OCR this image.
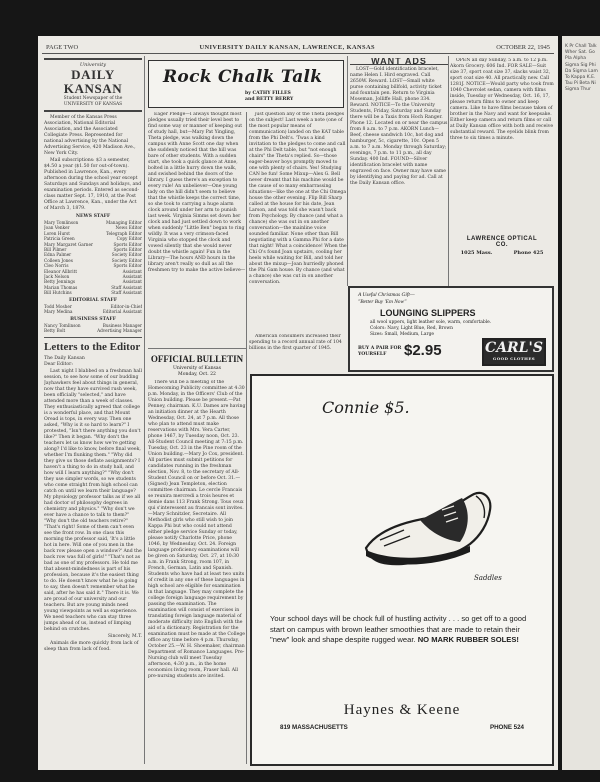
K Pr Chall Talk Wher Sat. Go Pla Alpha Sigma Sig Phi Da Sigma Lam To Kappa K.E. Tau Pi Beta Ni Sigma Thur
PAGE TWO	UNIVERSITY DAILY KANSAN, LAWRENCE, KANSAS	OCTOBER 22, 1945
University
DAILY KANSAN
Student Newspaper of the
UNIVERSITY OF KANSAS

Member of the Kansas Press Association, National Editorial Association, and the Associated Collegiate Press. Represented for national advertising by the National Advertising Service, 420 Madison Ave., New York City.

Mail subscriptions: $3 a semester, $4.50 a year ($1.50 for out-of-town). Published in Lawrence, Kan., every afternoon during the school year except Saturdays and Sundays and holidays, and examination periods. Entered as second-class matter Sept. 17, 1910, at the Post Office at Lawrence, Kan., under the Act of March 3, 1879.

NEWS STAFF
Mary Tomlinson	Managing Editor
Joan Venker	News Editor
Loren Hurst	Telegraph Editor
Patricia Green	Copy Editor
Mary Margaret Garner	Sports Editor
Bill Pilmer	Sports Editor
Edna Palmer	Society Editor
Colleen Jones	Society Editor
Cleo Norris	Sports Editor
Eleanor Allbritt	Assistant
Jack Nelson	Assistant
Betty Jennings	Assistant
Marian Thomas	Staff Assistant
Bill Hutchins	Staff Assistant
EDITORIAL STAFF
Todd Mosher	Editor-in-Chief
Mary Medina	Editorial Assistant
BUSINESS STAFF
Nancy Tomlinson	Business Manager
Betty Bolt	Advertising Manager
Letters to the Editor

The Daily Kansan
Dear Editor:

Last night I blabbed on a freshman hall session, to see how some of our budding Jayhawkers feel about things in general, now that they have survived rush week, been officially "selected," and have attended more than a week of classes. They enthusiastically agreed that college is a wonderful place, and that Mount Oread is tops, in every way. Then one asked, "Why is it so hard to learn?" I protested, "Isn't there anything you don't like?" Then it began. "Why don't the teachers let us know how we're getting along? I'd like to know, before final week, whether I'm flunking them." "Why did they give us those deflate assignments? I haven't a thing to do in study hall, and how will I learn anything?" "Why don't they use simpler words, so we students who come straight from high school can catch on until we learn their language? My physiology professor talks as if we all had doctor of philosophy degrees in chemistry and physics." "Why don't we ever have a chance to talk to them?" "Why don't the old teachers retire?" "That's right! Some of them can't even see the front row. In one class this morning the professor said, 'It's a little hot in here. Will one of you men in the back row please open a window?' And the back row was full of girls!" "That's not as bad as one of my professors. He told me that absent-mindedness is part of his profession, because it's the easiest thing to do. He doesn't know what he is going to say, then doesn't remember what he said, after he has said it." There it is. We are proud of our university and our teachers. But are young minds need young viewpoints as well as experience. We need teachers who can stay three jumps ahead of us, instead of limping behind on crutches.

Sincerely, M.T.

Animals die more quickly from lack of sleep than from lack of food.

Rock Chalk Talk
by CATHY FILLES
and BETTY BERRY

Eager Pledge—I always thought most pledges usually tried their level best to find some way or manner of keeping out of study hall, but—Mary Pat Yingling, Theta pledge, was walking down the campus with Anne Scott one day when she suddenly noticed that the hill was bare of other students. With a sudden start, she took a quick glance at Anne, bolted in a little hurry down the walk, and swished behind the doors of the library. I guess there's an exception to every rule! An unbeliever—One young lady on the hill didn't seem to believe that the whistle keeps the correct time, so she took to carrying a huge alarm clock around under her arm to punish last week. Virginia Simms set down her clock and had just settled down to work when suddenly "Little Ben" began to ring wildly. It was a very crimson-faced Virginia who stopped the clock and vowed silently that she would never doubt the whistle again! Fun in the Library—The hours AND hours in the library aren't really so dull as all the freshmen try to make the active believe—

just question any of the Theta pledges on the subject! Last week a note (one of the most popular means of communication) landed on the KAT table from the Phi Delt's. 'Twas a kind invitation to the pledges to come and call at the Phi Delt table, but "not enough chairs" the Theta's replied. So—those eager-beaver boys promptly moved to one with plenty of chairs. Yes! Studying CAN be fun! Some Mixup—Alex G. Bell never dreamt that his machine would be the cause of so many embarrassing situations—like the one at the Chi Omega house the other evening. Flip Bill Sharp called at the house for his date, Jean Larson, and was told she wasn't back from Psychology. By chance (and what a chance) she was out in on another conversation—the mainline voice sounded familiar. None other than Bill negotiating with a Gamma Phi for a date that night! What a coincidence! When the Chi O's found Joan upstairs, cooling her heels while waiting for Bill, and told her about the mixup—Joan hurriedly phoned the Phi Gam house. By chance (and what a chance) she was cut in on another conversation.

American consumers increased their spending to a record annual rate of 104 billions in the first quarter of 1945.

OFFICIAL BULLETIN
University of Kansas
Monday, Oct. 22

There will be a meeting of the Homecoming Publicity committee at 4:30 p.m. Monday, in the Officers' Club of the Union building. Please be present.—Pat Penney, chairman. K.U. Dames are having an initiation dinner at the Hearth Wednesday, Oct. 24, at 7 p.m. All those who plan to attend must make reservations with Mrs. Vera Carter, phone 1467, by Tuesday noon, Oct. 23. All-Student Council meeting at 7:15 p.m. Tuesday, Oct. 23 in the Pine room of the Union building.—Mary Jo Cox, president. All parties must submit petitions for candidates running in the freshman election, Nov. 8, to the secretary of All-Student Council on or before Oct. 31.—(Signed) Jean Templeton, election committee chairman. Le cercle Francais se reunira mercredi a trois heures et demie dans 113 Frank Strong. Tous ceux qui s'interessent au francais sont invites.—Mary Schnitzler, Secretaire. All Methodist girls who still wish to join Kappa Phi but who could not attend either pledge service Sunday or today, please notify Charlotte Price, phone 1046, by Wednesday, Oct. 24. Foreign language proficiency examinations will be given on Saturday, Oct. 27, at 10:30 a.m. in Frank Strong, room 107, in French, German, Latin and Spanish. Students who have had at least two units of credit in any one of these languages in high school are eligible for examination in that language. They may complete the college foreign language requirement by passing the examination. The examination will consist of exercises in translating foreign language material of moderate difficulty into English with the aid of a dictionary. Registration for the examination must be made at the College office any time before 4 p.m. Thursday, October 25.—W. H. Shoemaker, chairman Department of Romance Languages. Pre-Nursing club will meet Tuesday afternoon, 4:30 p.m., in the home economics living room, Fraser hall. All pre-nursing students are invited.

WANT ADS

LOST—Gold identification bracelet, name Helen I. Hird engraved. Call 2650W. Reward. LOST—Small white purse containing billfold, activity ticket and fountain pen. Return to Virginia Moseman, Jolliffe Hall, phone 334. Reward. NOTICE—To the University Students, Friday, Saturday and Sunday there will be a Taxis from Hoch Ranger. Phone 12. Located on or near the campus from 8 a.m. to 7 p.m. AKORN Lunch—Beef, cheese sandwich 10c, hot dog and hamburger, 5c, cigarette, 10c. Open 5 a.m. to 7 a.m. Monday through Saturday; evenings, 7 p.m. to 11 p.m., all day Sunday. 400 Ind. FOUND—Silver identification bracelet with name engraved on face. Owner may have same by identifying and paying for ad. Call at the Daily Kansan office.

OPEN all day Sunday, 5 a.m. to 12 p.m. Akorn Grocery. 606 Ind. FOR SALE—Suit size 37, sport coat size 37, slacks waist 32, sport coat size 40. All practically new. Call 1281J. NOTICE—Would party who took from 1040 Chevrolet sedan, camera with films inside, Tuesday or Wednesday, Oct. 16, 17, please return films to owner and keep camera. Like to have films because taken of brother in the Navy and want for keepsake. Either keep camera and return films or call at Daily Kansan office with both and receive substantial reward. The eyelids blink from three to six times a minute.

LAWRENCE OPTICAL
CO.
1025 Mass.	Phone 425
A Useful Christmas Gift—
"Better Buy 'Em Now"
LOUNGING SLIPPERS
all wool uppers, light leather sole, warm, comfortable.
Colors: Navy, Light Blue, Red, Brown
Sizes: Small, Medium, Large
BUY A PAIR FOR YOURSELF	$2.95	CARL'S
GOOD CLOTHES
Connie $5.
Saddles
Your school days will be chock full of hustling activity . . . so get off to a good start on campus with brown leather smoothies that are made to retain their "new" look and shape despite rugged wear. NO MARK RUBBER SOLES!
Haynes & Keene
819 MASSACHUSETTS	PHONE 524
